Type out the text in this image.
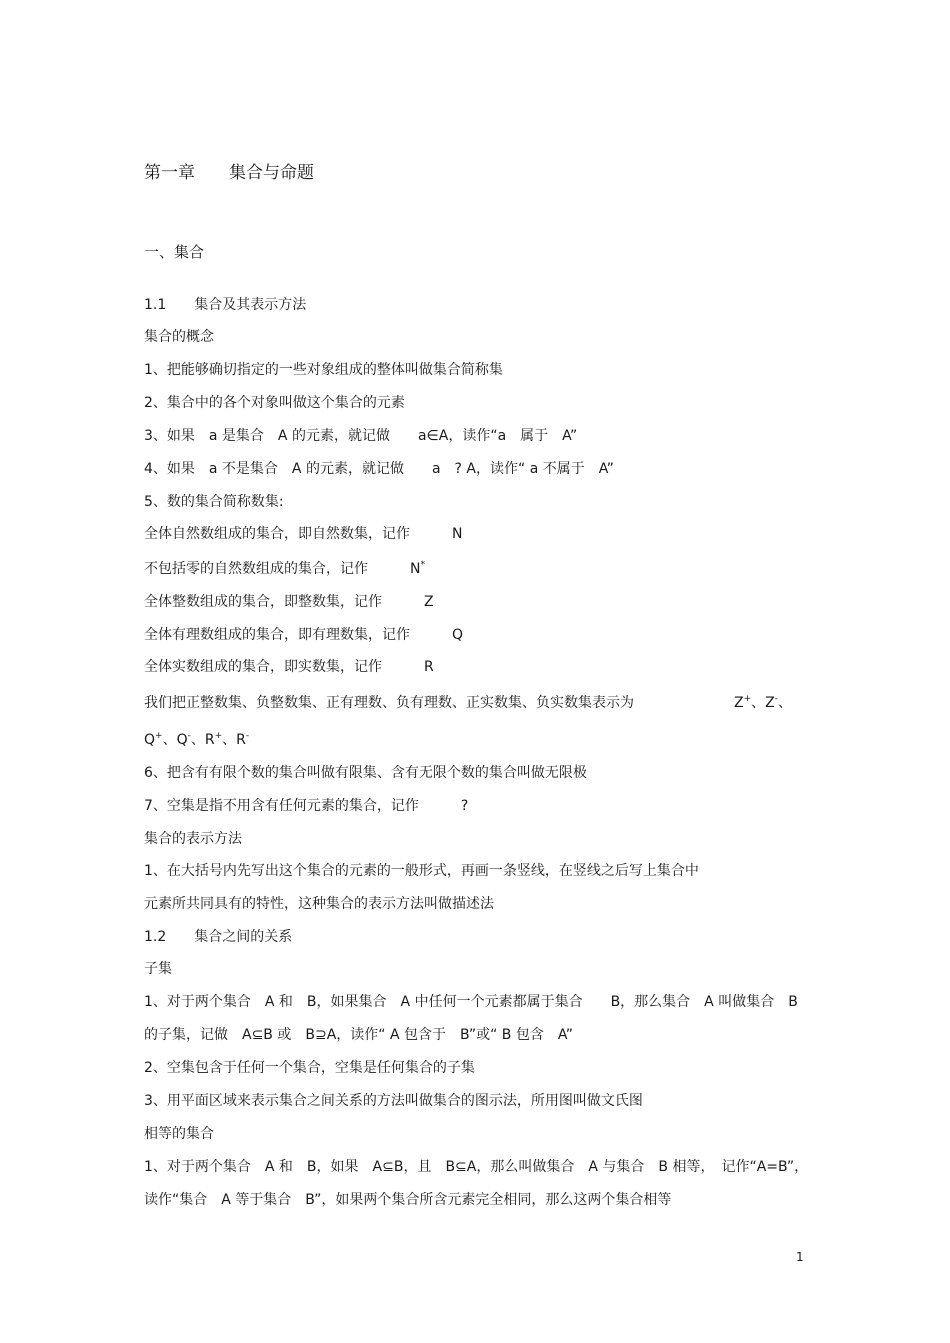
第一章　　集合与命题
一、集合
1.1　　集合及其表示方法
集合的概念
1、把能够确切指定的一些对象组成的整体叫做集合简称集
2、集合中的各个对象叫做这个集合的元素
3、如果　a 是集合　A 的元素，就记做　　a∈A，读作“a　属于　A”
4、如果　a 不是集合　A 的元素，就记做　　a　? A，读作“ a 不属于　A”
5、数的集合简称数集:
全体自然数组成的集合，即自然数集，记作　　　N
不包括零的自然数组成的集合，记作　　　N*
全体整数组成的集合，即整数集，记作　　　Z
全体有理数组成的集合，即有理数集，记作　　　Q
全体实数组成的集合，即实数集，记作　　　R
我们把正整数集、负整数集、正有理数、负有理数、正实数集、负实数集表示为	Z+、Z-、
Q+、Q-、R+、R-
6、把含有有限个数的集合叫做有限集、含有无限个数的集合叫做无限极
7、空集是指不用含有任何元素的集合，记作　　　?
集合的表示方法
1、在大括号内先写出这个集合的元素的一般形式，再画一条竖线，在竖线之后写上集合中
元素所共同具有的特性，这种集合的表示方法叫做描述法
1.2　　集合之间的关系
子集
1、对于两个集合　A 和　B，如果集合　A 中任何一个元素都属于集合　　B，那么集合　A 叫做集合　B
的子集，记做　A⊆B 或　B⊇A，读作“ A 包含于　B”或“ B 包含　A”
2、空集包含于任何一个集合，空集是任何集合的子集
3、用平面区域来表示集合之间关系的方法叫做集合的图示法，所用图叫做文氏图
相等的集合
1、对于两个集合　A 和　B，如果　A⊆B，且　B⊆A，那么叫做集合　A 与集合　B 相等，　记作“A=B”，
读作“集合　A 等于集合　B”，如果两个集合所含元素完全相同，那么这两个集合相等
1
